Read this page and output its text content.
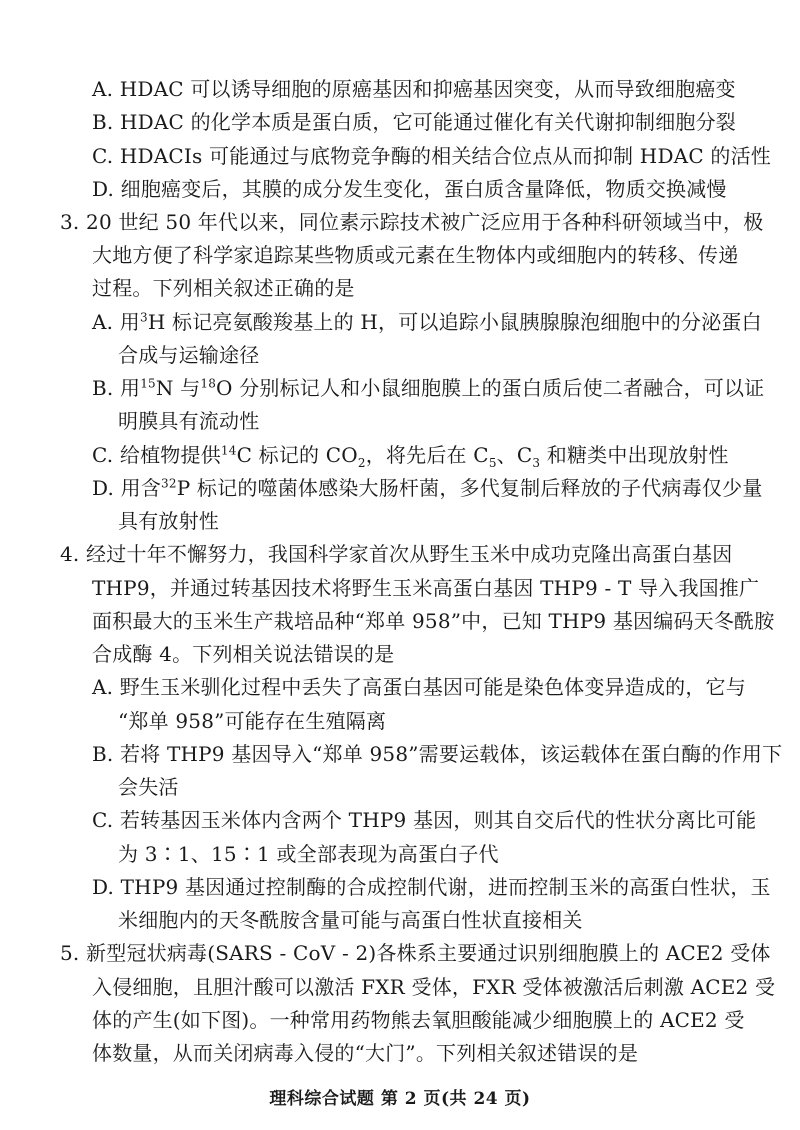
A. HDAC 可以诱导细胞的原癌基因和抑癌基因突变，从而导致细胞癌变
B. HDAC 的化学本质是蛋白质，它可能通过催化有关代谢抑制细胞分裂
C. HDACIs 可能通过与底物竞争酶的相关结合位点从而抑制 HDAC 的活性
D. 细胞癌变后，其膜的成分发生变化，蛋白质含量降低，物质交换减慢
3. 20 世纪 50 年代以来，同位素示踪技术被广泛应用于各种科研领域当中，极
大地方便了科学家追踪某些物质或元素在生物体内或细胞内的转移、传递
过程。下列相关叙述正确的是
A. 用$^3$H 标记亮氨酸羧基上的 H，可以追踪小鼠胰腺腺泡细胞中的分泌蛋白
合成与运输途径
B. 用$^{15}$N 与$^{18}$O 分别标记人和小鼠细胞膜上的蛋白质后使二者融合，可以证
明膜具有流动性
C. 给植物提供$^{14}$C 标记的 $CO_2$，将先后在 $C_5$、$C_3$ 和糖类中出现放射性
D. 用含$^{32}$P 标记的噬菌体感染大肠杆菌，多代复制后释放的子代病毒仅少量
具有放射性
4. 经过十年不懈努力，我国科学家首次从野生玉米中成功克隆出高蛋白基因
THP9，并通过转基因技术将野生玉米高蛋白基因 THP9 - T 导入我国推广
面积最大的玉米生产栽培品种“郑单 958”中，已知 THP9 基因编码天冬酰胺
合成酶 4。下列相关说法错误的是
A. 野生玉米驯化过程中丢失了高蛋白基因可能是染色体变异造成的，它与
“郑单 958”可能存在生殖隔离
B. 若将 THP9 基因导入“郑单 958”需要运载体，该运载体在蛋白酶的作用下
会失活
C. 若转基因玉米体内含两个 THP9 基因，则其自交后代的性状分离比可能
为 3∶1、15∶1 或全部表现为高蛋白子代
D. THP9 基因通过控制酶的合成控制代谢，进而控制玉米的高蛋白性状，玉
米细胞内的天冬酰胺含量可能与高蛋白性状直接相关
5. 新型冠状病毒(SARS - CoV - 2)各株系主要通过识别细胞膜上的 ACE2 受体
入侵细胞，且胆汁酸可以激活 FXR 受体，FXR 受体被激活后刺激 ACE2 受
体的产生(如下图)。一种常用药物熊去氧胆酸能减少细胞膜上的 ACE2 受
理科综合试题 第 2 页(共 24 页)
体数量，从而关闭病毒入侵的“大门”。下列相关叙述错误的是
